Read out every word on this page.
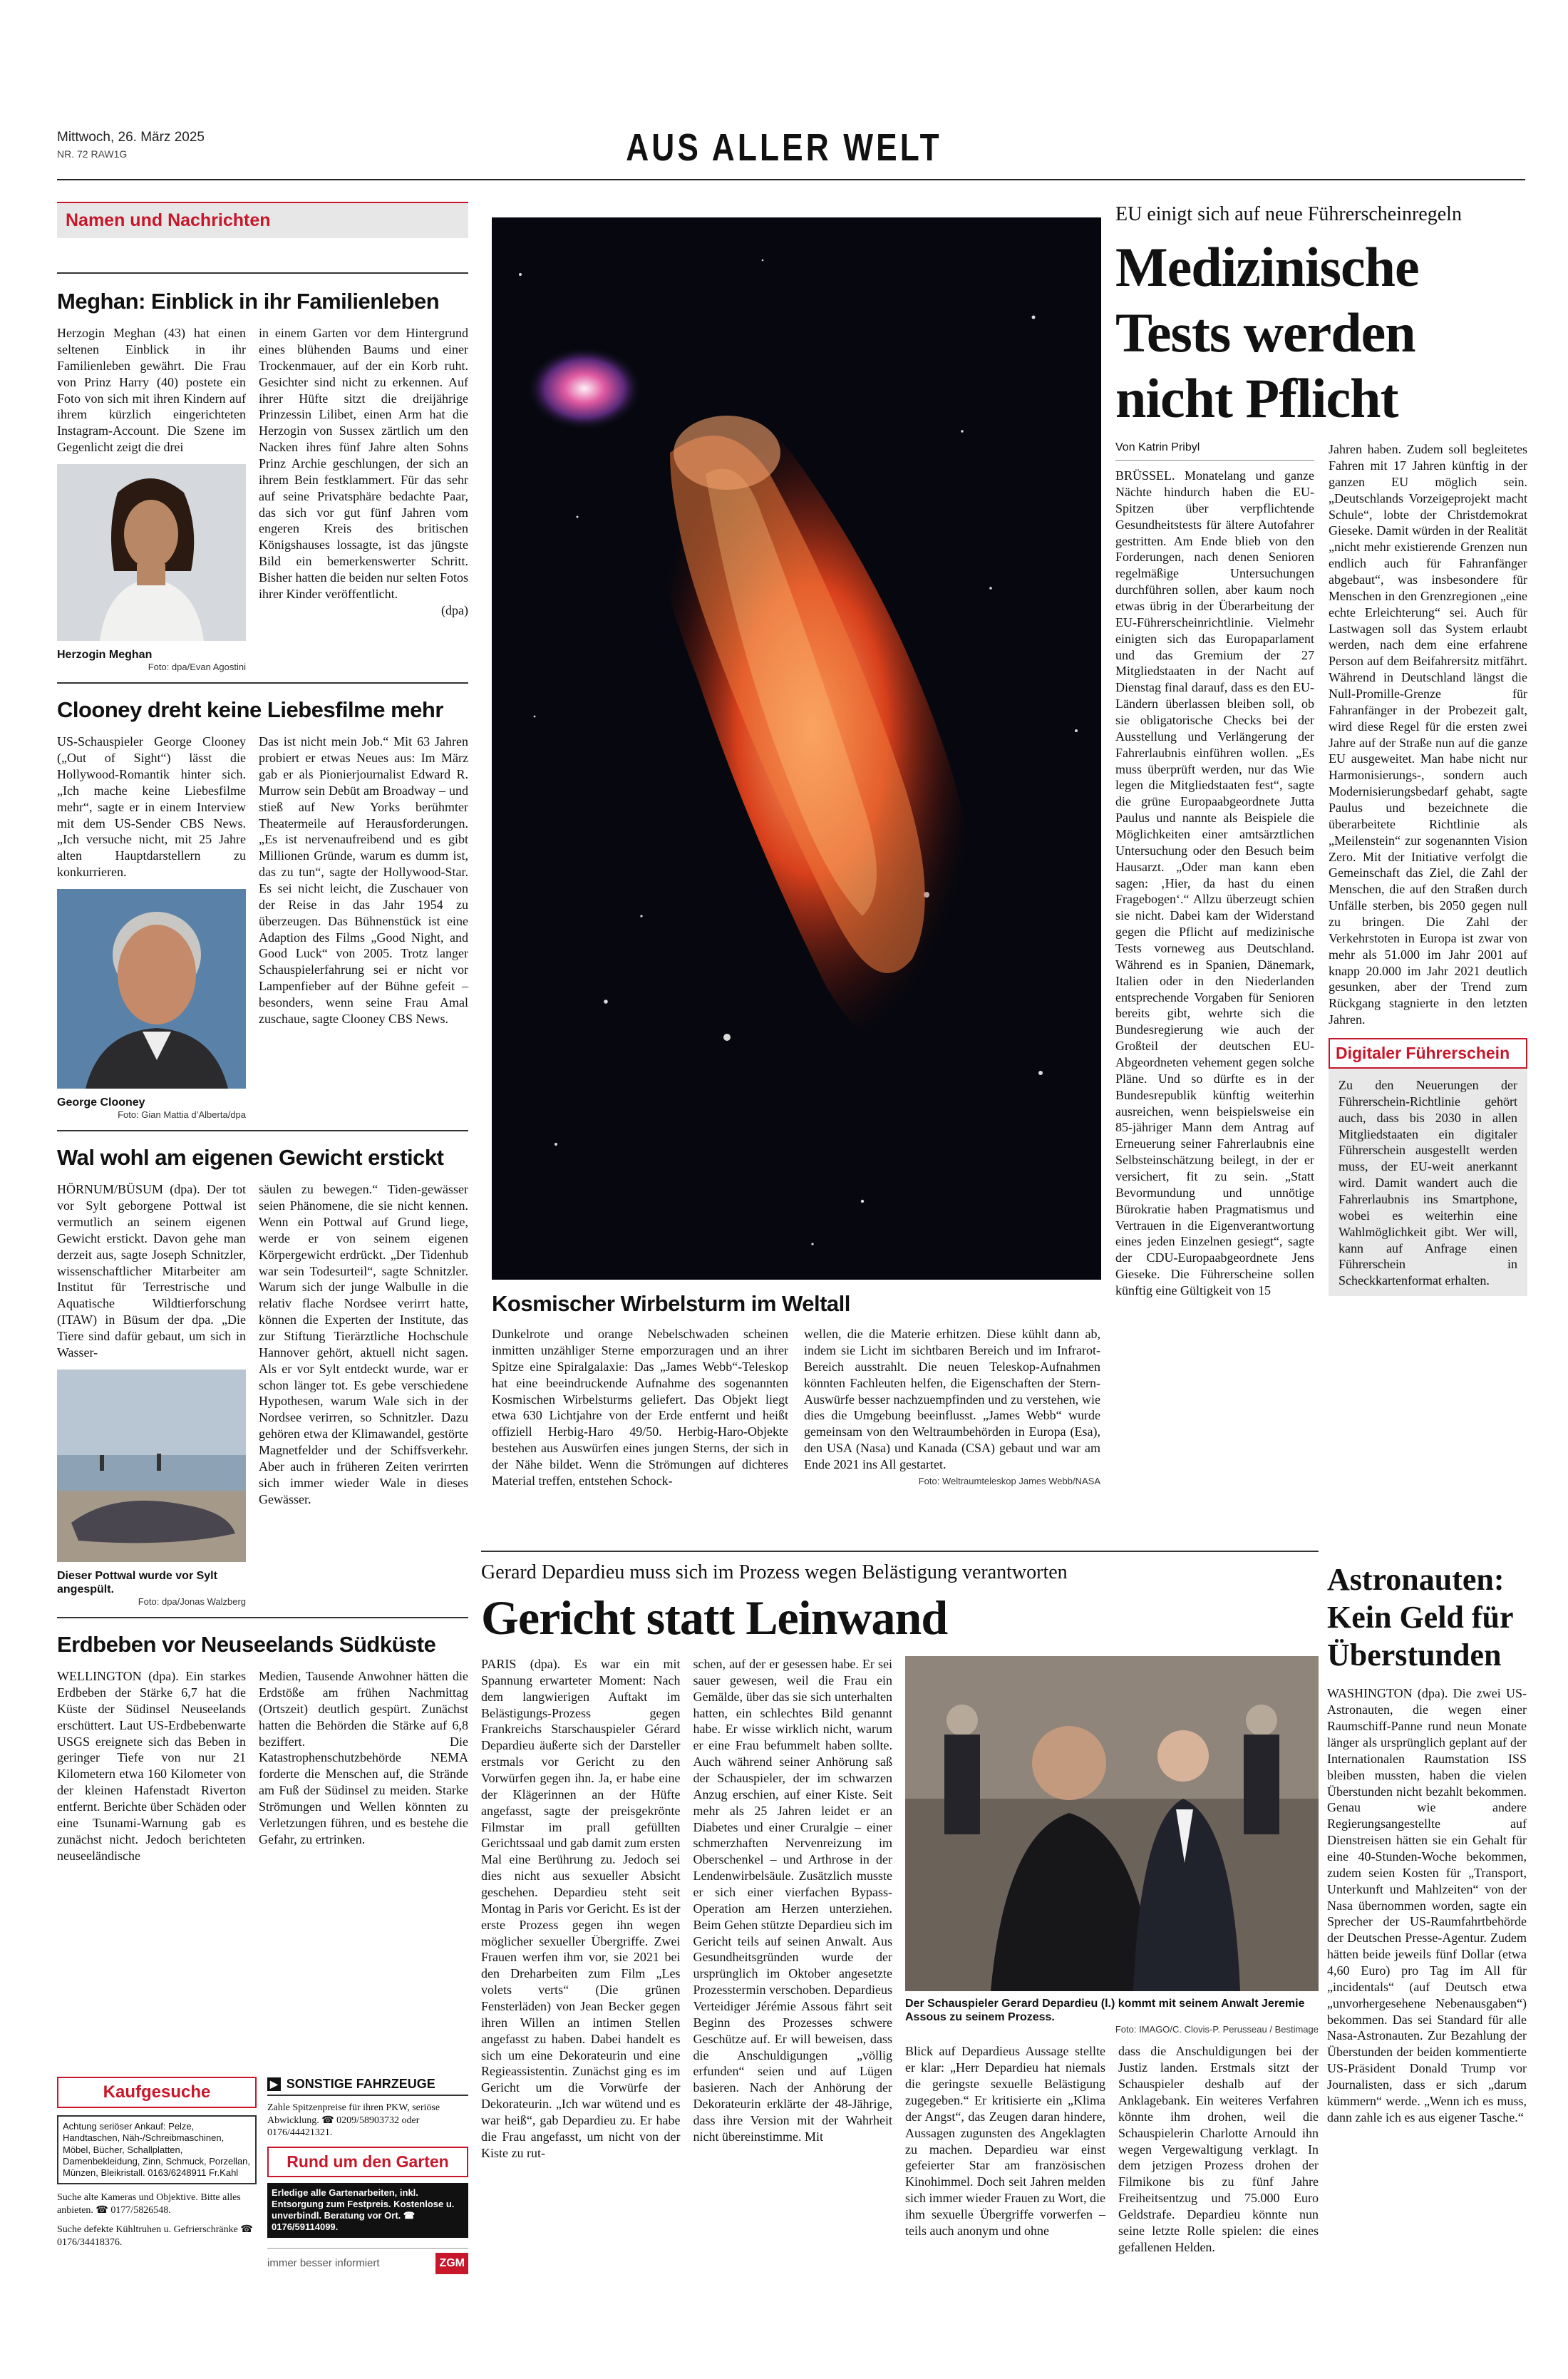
Mittwoch, 26. März 2025
NR. 72 RAW1G	AUS ALLER WELT
Namen und Nachrichten
Meghan: Einblick in ihr Familienleben
Herzogin Meghan (43) hat einen seltenen Einblick in ihr Familienleben gewährt. Die Frau von Prinz Harry (40) postete ein Foto von sich mit ihren Kindern auf ihrem kürzlich eingerichteten Instagram-Account. Die Szene im Gegenlicht zeigt die drei
Herzogin Meghan
Foto: dpa/Evan Agostini
in einem Garten vor dem Hintergrund eines blühenden Baums und einer Trockenmauer, auf der ein Korb ruht. Gesichter sind nicht zu erkennen. Auf ihrer Hüfte sitzt die dreijährige Prinzessin Lilibet, einen Arm hat die Herzogin von Sussex zärtlich um den Nacken ihres fünf Jahre alten Sohns Prinz Archie geschlungen, der sich an ihrem Bein festklammert. Für das sehr auf seine Privatsphäre bedachte Paar, das sich vor gut fünf Jahren vom engeren Kreis des britischen Königshauses lossagte, ist das jüngste Bild ein bemerkenswerter Schritt. Bisher hatten die beiden nur selten Fotos ihrer Kinder veröffentlicht.
(dpa)
Clooney dreht keine Liebesfilme mehr
US-Schauspieler George Clooney („Out of Sight“) lässt die Hollywood-Romantik hinter sich. „Ich mache keine Liebesfilme mehr“, sagte er in einem Interview mit dem US-Sender CBS News. „Ich versuche nicht, mit 25 Jahre alten Hauptdarstellern zu konkurrieren.
George Clooney
Foto: Gian Mattia d’Alberta/dpa
Das ist nicht mein Job.“ Mit 63 Jahren probiert er etwas Neues aus: Im März gab er als Pionierjournalist Edward R. Murrow sein Debüt am Broadway – und stieß auf New Yorks berühmter Theatermeile auf Herausforderungen. „Es ist nervenaufreibend und es gibt Millionen Gründe, warum es dumm ist, das zu tun“, sagte der Hollywood-Star. Es sei nicht leicht, die Zuschauer von der Reise in das Jahr 1954 zu überzeugen. Das Bühnenstück ist eine Adaption des Films „Good Night, and Good Luck“ von 2005. Trotz langer Schauspielerfahrung sei er nicht vor Lampenfieber auf der Bühne gefeit – besonders, wenn seine Frau Amal zuschaue, sagte Clooney CBS News.
Wal wohl am eigenen Gewicht erstickt
HÖRNUM/BÜSUM (dpa). Der tot vor Sylt geborgene Pottwal ist vermutlich an seinem eigenen Gewicht erstickt. Davon gehe man derzeit aus, sagte Joseph Schnitzler, wissenschaftlicher Mitarbeiter am Institut für Terrestrische und Aquatische Wildtierforschung (ITAW) in Büsum der dpa. „Die Tiere sind dafür gebaut, um sich in Wasser-
Dieser Pottwal wurde vor Sylt angespült.
Foto: dpa/Jonas Walzberg
säulen zu bewegen.“ Tiden-gewässer seien Phänomene, die sie nicht kennen. Wenn ein Pottwal auf Grund liege, werde er von seinem eigenen Körpergewicht erdrückt. „Der Tidenhub war sein Todesurteil“, sagte Schnitzler. Warum sich der junge Walbulle in die relativ flache Nordsee verirrt hatte, können die Experten der Institute, das zur Stiftung Tierärztliche Hochschule Hannover gehört, aktuell nicht sagen. Als er vor Sylt entdeckt wurde, war er schon länger tot. Es gebe verschiedene Hypothesen, warum Wale sich in der Nordsee verirren, so Schnitzler. Dazu gehören etwa der Klimawandel, gestörte Magnetfelder und der Schiffsverkehr. Aber auch in früheren Zeiten verirrten sich immer wieder Wale in dieses Gewässer.
Erdbeben vor Neuseelands Südküste
WELLINGTON (dpa). Ein starkes Erdbeben der Stärke 6,7 hat die Küste der Südinsel Neuseelands erschüttert. Laut US-Erdbebenwarte USGS ereignete sich das Beben in geringer Tiefe von nur 21 Kilometern etwa 160 Kilometer von der kleinen Hafenstadt Riverton entfernt. Berichte über Schäden oder eine Tsunami-Warnung gab es zunächst nicht. Jedoch berichteten neuseeländische
Medien, Tausende Anwohner hätten die Erdstöße am frühen Nachmittag (Ortszeit) deutlich gespürt. Zunächst hatten die Behörden die Stärke auf 6,8 beziffert. Die Katastrophenschutzbehörde NEMA forderte die Menschen auf, die Strände am Fuß der Südinsel zu meiden. Starke Strömungen und Wellen könnten zu Verletzungen führen, und es bestehe die Gefahr, zu ertrinken.
Kaufgesuche
Achtung seriöser Ankauf: Pelze, Handtaschen, Näh-/Schreibmaschinen, Möbel, Bücher, Schallplatten, Damenbekleidung, Zinn, Schmuck, Porzellan, Münzen, Bleikristall. 0163/6248911 Fr.Kahl
Suche alte Kameras und Objektive. Bitte alles anbieten. ☎ 0177/5826548.
Suche defekte Kühltruhen u. Gefrierschränke ☎ 0176/34418376.
▶ SONSTIGE FAHRZEUGE
Zahle Spitzenpreise für ihren PKW, seriöse Abwicklung. ☎ 0209/58903732 oder 0176/44421321.
Rund um den Garten
Erledige alle Gartenarbeiten, inkl. Entsorgung zum Festpreis. Kostenlose u. unverbindl. Beratung vor Ort. ☎ 0176/59114099.
immer besser informiert	ZGM
Kosmischer Wirbelsturm im Weltall
Dunkelrote und orange Nebelschwaden scheinen inmitten unzähliger Sterne emporzuragen und an ihrer Spitze eine Spiralgalaxie: Das „James Webb“-Teleskop hat eine beeindruckende Aufnahme des sogenannten Kosmischen Wirbelsturms geliefert. Das Objekt liegt etwa 630 Lichtjahre von der Erde entfernt und heißt offiziell Herbig-Haro 49/50. Herbig-Haro-Objekte bestehen aus Auswürfen eines jungen Sterns, der sich in der Nähe bildet. Wenn die Strömungen auf dichteres Material treffen, entstehen Schock-
wellen, die die Materie erhitzen. Diese kühlt dann ab, indem sie Licht im sichtbaren Bereich und im Infrarot-Bereich ausstrahlt. Die neuen Teleskop-Aufnahmen könnten Fachleuten helfen, die Eigenschaften der Stern-Auswürfe besser nachzuempfinden und zu verstehen, wie dies die Umgebung beeinflusst. „James Webb“ wurde gemeinsam von den Weltraumbehörden in Europa (Esa), den USA (Nasa) und Kanada (CSA) gebaut und war am Ende 2021 ins All gestartet.
Foto: Weltraumteleskop James Webb/NASA
EU einigt sich auf neue Führerscheinregeln
Medizinische
Tests werden
nicht Pflicht
Von Katrin Pribyl
BRÜSSEL. Monatelang und ganze Nächte hindurch haben die EU-Spitzen über verpflichtende Gesundheitstests für ältere Autofahrer gestritten. Am Ende blieb von den Forderungen, nach denen Senioren regelmäßige Untersuchungen durchführen sollen, aber kaum noch etwas übrig in der Überarbeitung der EU-Führerscheinrichtlinie. Vielmehr einigten sich das Europaparlament und das Gremium der 27 Mitgliedstaaten in der Nacht auf Dienstag final darauf, dass es den EU-Ländern überlassen bleiben soll, ob sie obligatorische Checks bei der Ausstellung und Verlängerung der Fahrerlaubnis einführen wollen. „Es muss überprüft werden, nur das Wie legen die Mitgliedstaaten fest“, sagte die grüne Europaabgeordnete Jutta Paulus und nannte als Beispiele die Möglichkeiten einer amtsärztlichen Untersuchung oder den Besuch beim Hausarzt. „Oder man kann eben sagen: ‚Hier, da hast du einen Fragebogen‘.“ Allzu überzeugt schien sie nicht. Dabei kam der Widerstand gegen die Pflicht auf medizinische Tests vorneweg aus Deutschland. Während es in Spanien, Dänemark, Italien oder in den Niederlanden entsprechende Vorgaben für Senioren bereits gibt, wehrte sich die Bundesregierung wie auch der Großteil der deutschen EU-Abgeordneten vehement gegen solche Pläne. Und so dürfte es in der Bundesrepublik künftig weiterhin ausreichen, wenn beispielsweise ein 85-jähriger Mann dem Antrag auf Erneuerung seiner Fahrerlaubnis eine Selbsteinschätzung beilegt, in der er versichert, fit zu sein. „Statt Bevormundung und unnötige Bürokratie haben Pragmatismus und Vertrauen in die Eigenverantwortung eines jeden Einzelnen gesiegt“, sagte der CDU-Europaabgeordnete Jens Gieseke. Die Führerscheine sollen künftig eine Gültigkeit von 15
Jahren haben. Zudem soll begleitetes Fahren mit 17 Jahren künftig in der ganzen EU möglich sein. „Deutschlands Vorzeigeprojekt macht Schule“, lobte der Christdemokrat Gieseke. Damit würden in der Realität „nicht mehr existierende Grenzen nun endlich auch für Fahranfänger abgebaut“, was insbesondere für Menschen in den Grenzregionen „eine echte Erleichterung“ sei. Auch für Lastwagen soll das System erlaubt werden, nach dem eine erfahrene Person auf dem Beifahrersitz mitfährt. Während in Deutschland längst die Null-Promille-Grenze für Fahranfänger in der Probezeit galt, wird diese Regel für die ersten zwei Jahre auf der Straße nun auf die ganze EU ausgeweitet. Man habe nicht nur Harmonisierungs-, sondern auch Modernisierungsbedarf gehabt, sagte Paulus und bezeichnete die überarbeitete Richtlinie als „Meilenstein“ zur sogenannten Vision Zero. Mit der Initiative verfolgt die Gemeinschaft das Ziel, die Zahl der Menschen, die auf den Straßen durch Unfälle sterben, bis 2050 gegen null zu bringen. Die Zahl der Verkehrstoten in Europa ist zwar von mehr als 51.000 im Jahr 2001 auf knapp 20.000 im Jahr 2021 deutlich gesunken, aber der Trend zum Rückgang stagnierte in den letzten Jahren.
Digitaler Führerschein
Zu den Neuerungen der Führerschein-Richtlinie gehört auch, dass bis 2030 in allen Mitgliedstaaten ein digitaler Führerschein ausgestellt werden muss, der EU-weit anerkannt wird. Damit wandert auch die Fahrerlaubnis ins Smartphone, wobei es weiterhin eine Wahlmöglichkeit gibt. Wer will, kann auf Anfrage einen Führerschein in Scheckkartenformat erhalten.
Gerard Depardieu muss sich im Prozess wegen Belästigung verantworten
Gericht statt Leinwand
PARIS (dpa). Es war ein mit Spannung erwarteter Moment: Nach dem langwierigen Auftakt im Belästigungs-Prozess gegen Frankreichs Starschauspieler Gérard Depardieu äußerte sich der Darsteller erstmals vor Gericht zu den Vorwürfen gegen ihn. Ja, er habe eine der Klägerinnen an der Hüfte angefasst, sagte der preisgekrönte Filmstar im prall gefüllten Gerichtssaal und gab damit zum ersten Mal eine Berührung zu. Jedoch sei dies nicht aus sexueller Absicht geschehen. Depardieu steht seit Montag in Paris vor Gericht. Es ist der erste Prozess gegen ihn wegen möglicher sexueller Übergriffe. Zwei Frauen werfen ihm vor, sie 2021 bei den Dreharbeiten zum Film „Les volets verts“ (Die grünen Fensterläden) von Jean Becker gegen ihren Willen an intimen Stellen angefasst zu haben. Dabei handelt es sich um eine Dekorateurin und eine Regieassistentin. Zunächst ging es im Gericht um die Vorwürfe der Dekorateurin. „Ich war wütend und es war heiß“, gab Depardieu zu. Er habe die Frau angefasst, um nicht von der Kiste zu rut-
schen, auf der er gesessen habe. Er sei sauer gewesen, weil die Frau ein Gemälde, über das sie sich unterhalten hatten, ein schlechtes Bild genannt habe. Er wisse wirklich nicht, warum er eine Frau befummelt haben sollte. Auch während seiner Anhörung saß der Schauspieler, der im schwarzen Anzug erschien, auf einer Kiste. Seit mehr als 25 Jahren leidet er an Diabetes und einer Cruralgie – einer schmerzhaften Nervenreizung im Oberschenkel – und Arthrose in der Lendenwirbelsäule. Zusätzlich musste er sich einer vierfachen Bypass-Operation am Herzen unterziehen. Beim Gehen stützte Depardieu sich im Gericht teils auf seinen Anwalt. Aus Gesundheitsgründen wurde der ursprünglich im Oktober angesetzte Prozesstermin verschoben. Depardieus Verteidiger Jérémie Assous fährt seit Beginn des Prozesses schwere Geschütze auf. Er will beweisen, dass die Anschuldigungen „völlig erfunden“ seien und auf Lügen basieren. Nach der Anhörung der Dekorateurin erklärte der 48-Jährige, dass ihre Version mit der Wahrheit nicht übereinstimme. Mit
Der Schauspieler Gerard Depardieu (l.) kommt mit seinem Anwalt Jeremie Assous zu seinem Prozess.
Foto: IMAGO/C. Clovis-P. Perusseau / Bestimage
Blick auf Depardieus Aussage stellte er klar: „Herr Depardieu hat niemals die geringste sexuelle Belästigung zugegeben.“ Er kritisierte ein „Klima der Angst“, das Zeugen daran hindere, Aussagen zugunsten des Angeklagten zu machen. Depardieu war einst gefeierter Star am französischen Kinohimmel. Doch seit Jahren melden sich immer wieder Frauen zu Wort, die ihm sexuelle Übergriffe vorwerfen – teils auch anonym und ohne
dass die Anschuldigungen bei der Justiz landen. Erstmals sitzt der Schauspieler deshalb auf der Anklagebank. Ein weiteres Verfahren könnte ihm drohen, weil die Schauspielerin Charlotte Arnould ihn wegen Vergewaltigung verklagt. In dem jetzigen Prozess drohen der Filmikone bis zu fünf Jahre Freiheitsentzug und 75.000 Euro Geldstrafe. Depardieu könnte nun seine letzte Rolle spielen: die eines gefallenen Helden.
Astronauten:
Kein Geld für
Überstunden
WASHINGTON (dpa). Die zwei US-Astronauten, die wegen einer Raumschiff-Panne rund neun Monate länger als ursprünglich geplant auf der Internationalen Raumstation ISS bleiben mussten, haben die vielen Überstunden nicht bezahlt bekommen. Genau wie andere Regierungsangestellte auf Dienstreisen hätten sie ein Gehalt für eine 40-Stunden-Woche bekommen, zudem seien Kosten für „Transport, Unterkunft und Mahlzeiten“ von der Nasa übernommen worden, sagte ein Sprecher der US-Raumfahrtbehörde der Deutschen Presse-Agentur. Zudem hätten beide jeweils fünf Dollar (etwa 4,60 Euro) pro Tag im All für „incidentals“ (auf Deutsch etwa „unvorhergesehene Nebenausgaben“) bekommen. Das sei Standard für alle Nasa-Astronauten. Zur Bezahlung der Überstunden der beiden kommentierte US-Präsident Donald Trump vor Journalisten, dass er sich „darum kümmern“ werde. „Wenn ich es muss, dann zahle ich es aus eigener Tasche.“
